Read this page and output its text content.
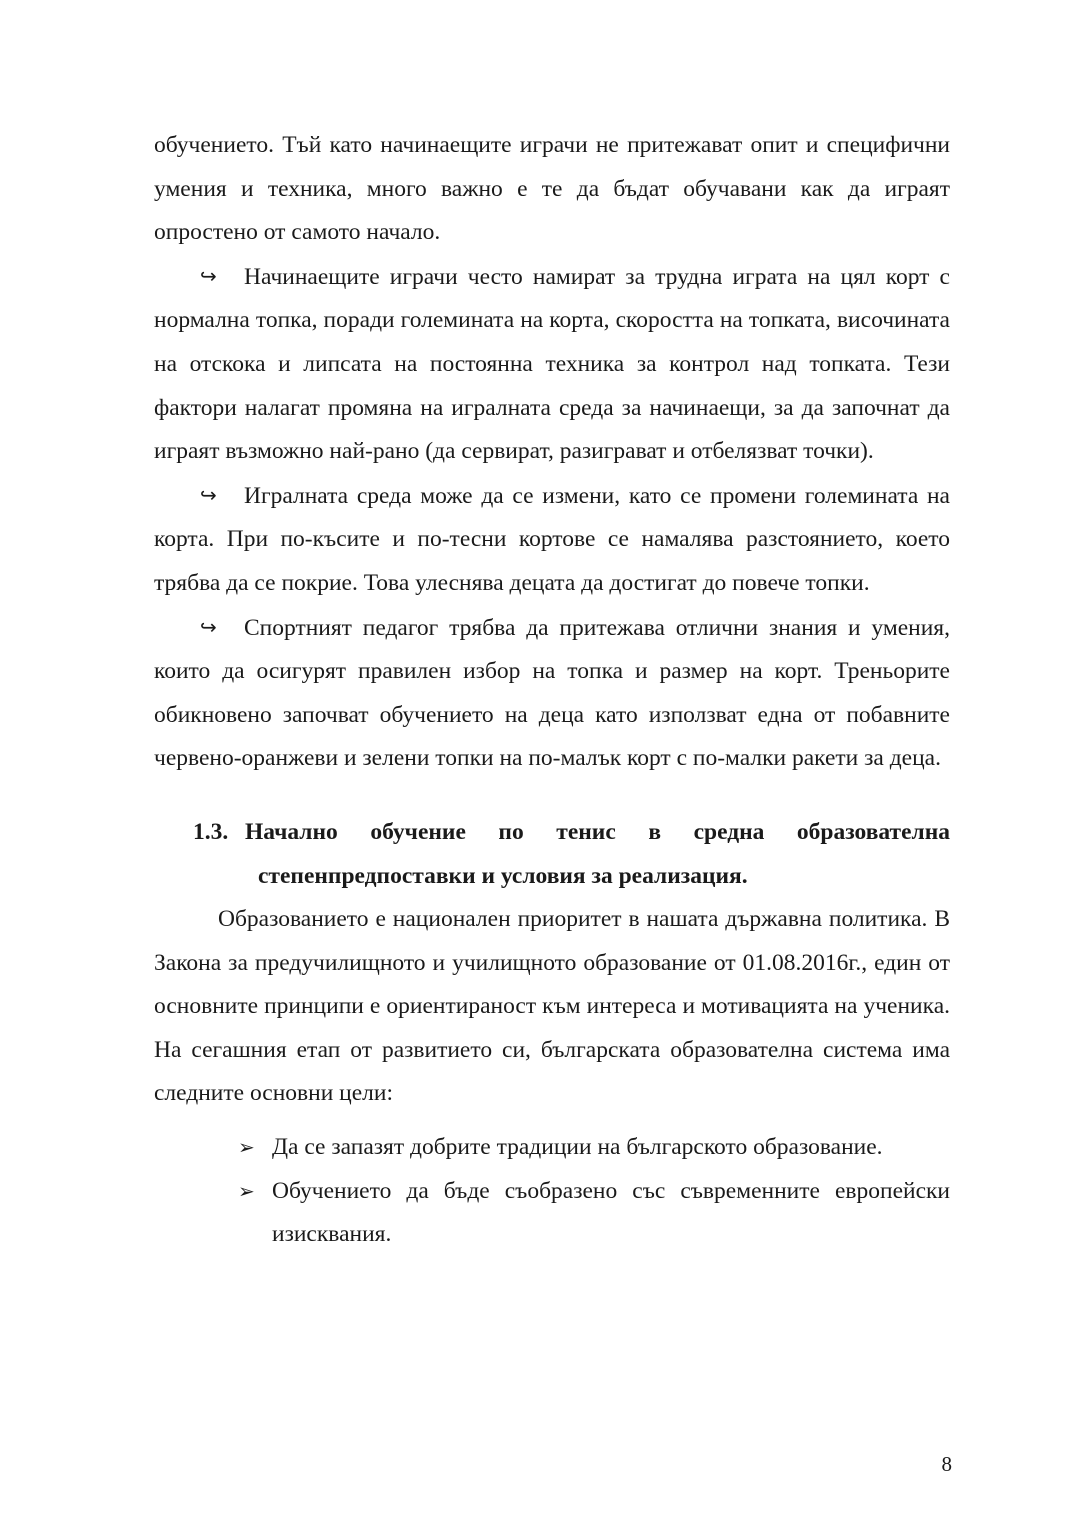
обучението. Тъй като начинаещите играчи не притежават опит и специфични умения и техника, много важно е те да бъдат обучавани как да играят опростено от самото начало.

↪ Начинаещите играчи често намират за трудна играта на цял корт с нормална топка, поради големината на корта, скоростта на топката, височината на отскока и липсата на постоянна техника за контрол над топката. Тези фактори налагат промяна на игралната среда за начинаещи, за да започнат да играят възможно най-рано (да сервират, разиграват и отбелязват точки).

↪ Игралната среда може да се измени, като се промени големината на корта. При по-късите и по-тесни кортове се намалява разстоянието, което трябва да се покрие. Това улеснява децата да достигат до повече топки.

↪ Спортният педагог трябва да притежава отлични знания и умения, които да осигурят правилен избор на топка и размер на корт. Треньорите обикновено започват обучението на деца като използват една от побавните червено-оранжеви и зелени топки на по-малък корт с по-малки ракети за деца.

1.3. Начално обучение по тенис в средна образователна степенпредпоставки и условия за реализация.

Образованието е национален приоритет в нашата държавна политика. В Закона за предучилищното и училищното образование от 01.08.2016г., един от основните принципи е ориентираност към интереса и мотивацията на ученика. На сегашния етап от развитието си, българската образователна система има следните основни цели:

➢ Да се запазят добрите традиции на българското образование.
➢ Обучението да бъде съобразено със съвременните европейски изисквания.
8
